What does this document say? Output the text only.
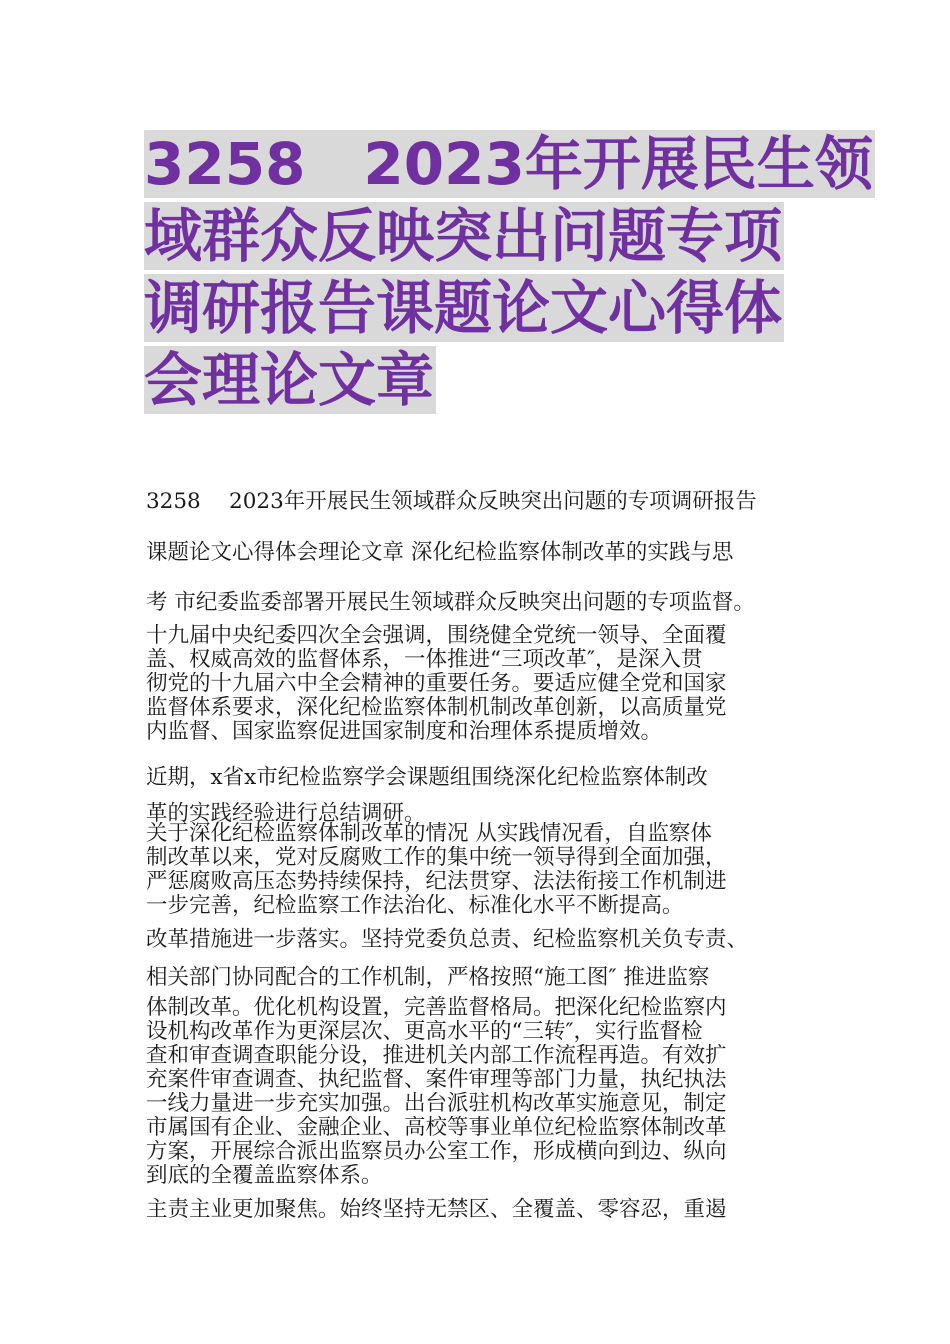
3258　2023年开展民生领
域群众反映突出问题专项
调研报告课题论文心得体
会理论文章
3258　 2023年开展民生领域群众反映突出问题的专项调研报告
课题论文心得体会理论文章 深化纪检监察体制改革的实践与思
考 市纪委监委部署开展民生领域群众反映突出问题的专项监督。
十九届中央纪委四次全会强调，围绕健全党统一领导、全面覆
盖、权威高效的监督体系，一体推进“三项改革″，是深入贯
彻党的十九届六中全会精神的重要任务。要适应健全党和国家
监督体系要求，深化纪检监察体制机制改革创新，以高质量党
内监督、国家监察促进国家制度和治理体系提质增效。
近期，x省x市纪检监察学会课题组围绕深化纪检监察体制改
革的实践经验进行总结调研。
关于深化纪检监察体制改革的情况 从实践情况看，自监察体
制改革以来，党对反腐败工作的集中统一领导得到全面加强，
严惩腐败高压态势持续保持，纪法贯穿、法法衔接工作机制进
一步完善，纪检监察工作法治化、标准化水平不断提高。
改革措施进一步落实。坚持党委负总责、纪检监察机关负专责、
相关部门协同配合的工作机制，严格按照“施工图″ 推进监察
体制改革。优化机构设置，完善监督格局。把深化纪检监察内
设机构改革作为更深层次、更高水平的“三转″，实行监督检
查和审查调查职能分设，推进机关内部工作流程再造。有效扩
充案件审查调查、执纪监督、案件审理等部门力量，执纪执法
一线力量进一步充实加强。出台派驻机构改革实施意见，制定
市属国有企业、金融企业、高校等事业单位纪检监察体制改革
方案，开展综合派出监察员办公室工作，形成横向到边、纵向
到底的全覆盖监察体系。
主责主业更加聚焦。始终坚持无禁区、全覆盖、零容忍，重遏
